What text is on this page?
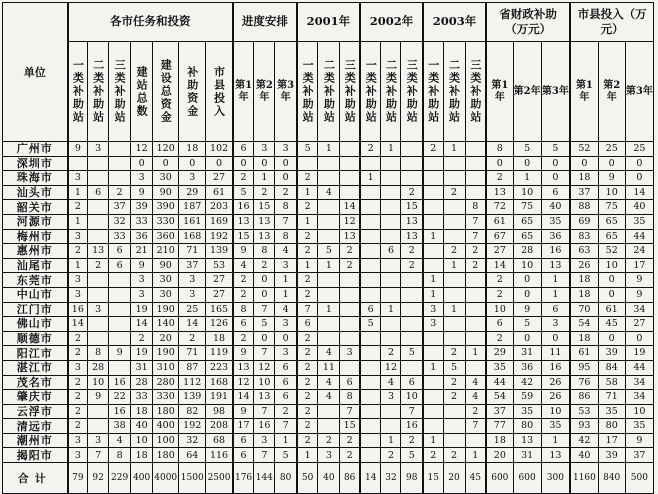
单位	各市任务和投资							进度安排			2001年			2002年			2003年			省财政补助（万元）			市县投入（万元）		
	一类补助站	二类补助站	三类补助站	建站总数	建设总资金	补助资金	市县投入	第1年	第2年	第3年	一类补助站	二类补助站	三类补助站	一类补助站	二类补助站	三类补助站	一类补助站	二类补助站	三类补助站	第1年	第2年	第3年	第1年	第2年	第3年
广州市	9	3		12	120	18	102	6	3	3	5	1		2	1		2	1		8	5	5	52	25	25
深圳市				0	0	0	0	0	0	0										0	0	0	0	0	0
珠海市	3			3	30	3	27	2	1	0	2			1						2	1	0	18	9	0
汕头市	1	6	2	9	90	29	61	5	2	2	1	4				2		2		13	10	6	37	10	14
韶关市	2		37	39	390	187	203	16	15	8	2		14			15			8	72	75	40	88	75	40
河源市	1		32	33	330	161	169	13	13	7	1		12			13			7	61	65	35	69	65	35
梅州市	3		33	36	360	168	192	15	13	8	2		13			13	1		7	67	65	36	83	65	44
惠州市	2	13	6	21	210	71	139	9	8	4	2	5	2		6	2		2	2	27	28	16	63	52	24
汕尾市	1	2	6	9	90	37	53	4	2	3	1	1	2			2		1	2	14	10	13	26	10	17
东莞市	3			3	30	3	27	2	0	1	2						1			2	0	1	18	0	9
中山市	3			3	30	3	27	2	0	1	2						1			2	0	1	18	0	9
江门市	16	3		19	190	25	165	8	7	4	7	1		6	1		3	1		10	9	6	70	61	34
佛山市	14			14	140	14	126	6	5	3	6			5			3			6	5	3	54	45	27
顺德市	2			2	20	2	18	2	0	0	2									2	0	0	18	0	0
阳江市	2	8	9	19	190	71	119	9	7	3	2	4	3		2	5		2	1	29	31	11	61	39	19
湛江市	3	28		31	310	87	223	13	12	6	2	11			12		1	5		35	36	16	95	84	44
茂名市	2	10	16	28	280	112	168	12	10	6	2	4	6		4	6		2	4	44	42	26	76	58	34
肇庆市	2	9	22	33	330	139	191	14	13	6	2	4	8		3	10		2	4	54	59	26	86	71	34
云浮市	2		16	18	180	82	98	9	7	2	2		7			7			2	37	35	10	53	35	10
清远市	2		38	40	400	192	208	17	16	7	2		15			16			7	77	80	35	93	80	35
潮州市	3	3	4	10	100	32	68	6	3	1	2	2	2		1	2	1			18	13	1	42	17	9
揭阳市	3	7	8	18	180	64	116	6	7	5	1	3	2		2	5	2	2	1	20	31	13	40	39	37
合计	79	92	229	400	4000	1500	2500	176	144	80	50	40	86	14	32	98	15	20	45	600	600	300	1160	840	500
